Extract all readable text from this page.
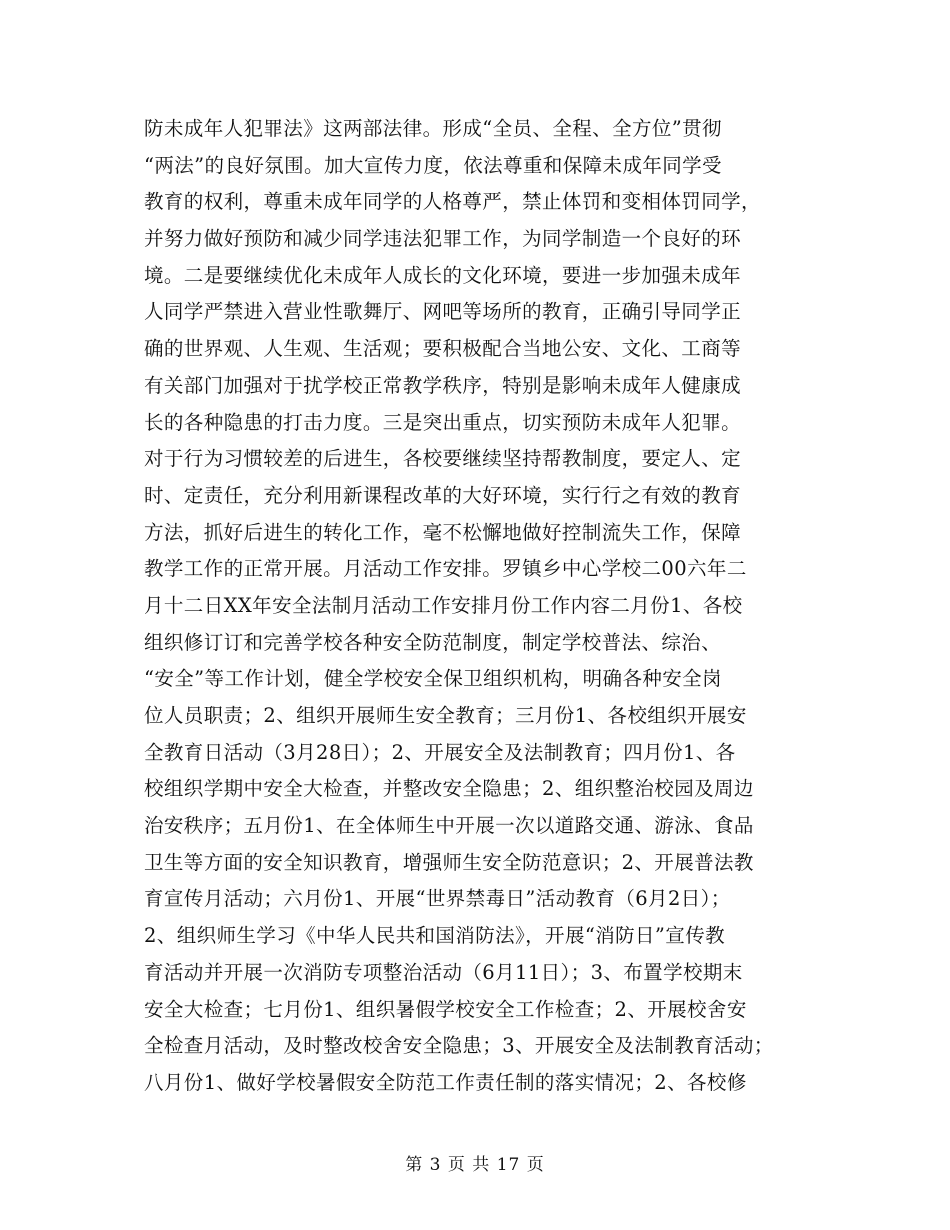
防未成年人犯罪法》这两部法律。形成“全员、全程、全方位”贯彻
“两法”的良好氛围。加大宣传力度，依法尊重和保障未成年同学受
教育的权利，尊重未成年同学的人格尊严，禁止体罚和变相体罚同学，
并努力做好预防和减少同学违法犯罪工作，为同学制造一个良好的环
境。二是要继续优化未成年人成长的文化环境，要进一步加强未成年
人同学严禁进入营业性歌舞厅、网吧等场所的教育，正确引导同学正
确的世界观、人生观、生活观；要积极配合当地公安、文化、工商等
有关部门加强对于扰学校正常教学秩序，特别是影响未成年人健康成
长的各种隐患的打击力度。三是突出重点，切实预防未成年人犯罪。
对于行为习惯较差的后进生，各校要继续坚持帮教制度，要定人、定
时、定责任，充分利用新课程改革的大好环境，实行行之有效的教育
方法，抓好后进生的转化工作，毫不松懈地做好控制流失工作，保障
教学工作的正常开展。月活动工作安排。罗镇乡中心学校二00六年二
月十二日XX年安全法制月活动工作安排月份工作内容二月份1、各校
组织修订订和完善学校各种安全防范制度，制定学校普法、综治、
“安全”等工作计划，健全学校安全保卫组织机构，明确各种安全岗
位人员职责；2、组织开展师生安全教育；三月份1、各校组织开展安
全教育日活动（3月28日）；2、开展安全及法制教育；四月份1、各
校组织学期中安全大检查，并整改安全隐患；2、组织整治校园及周边
治安秩序；五月份1、在全体师生中开展一次以道路交通、游泳、食品
卫生等方面的安全知识教育，增强师生安全防范意识；2、开展普法教
育宣传月活动；六月份1、开展“世界禁毒日”活动教育（6月2日）；
2、组织师生学习《中华人民共和国消防法》，开展“消防日”宣传教
育活动并开展一次消防专项整治活动（6月11日）；3、布置学校期末
安全大检查；七月份1、组织暑假学校安全工作检查；2、开展校舍安
全检查月活动，及时整改校舍安全隐患；3、开展安全及法制教育活动；
八月份1、做好学校暑假安全防范工作责任制的落实情况；2、各校修
第 3 页 共 17 页
